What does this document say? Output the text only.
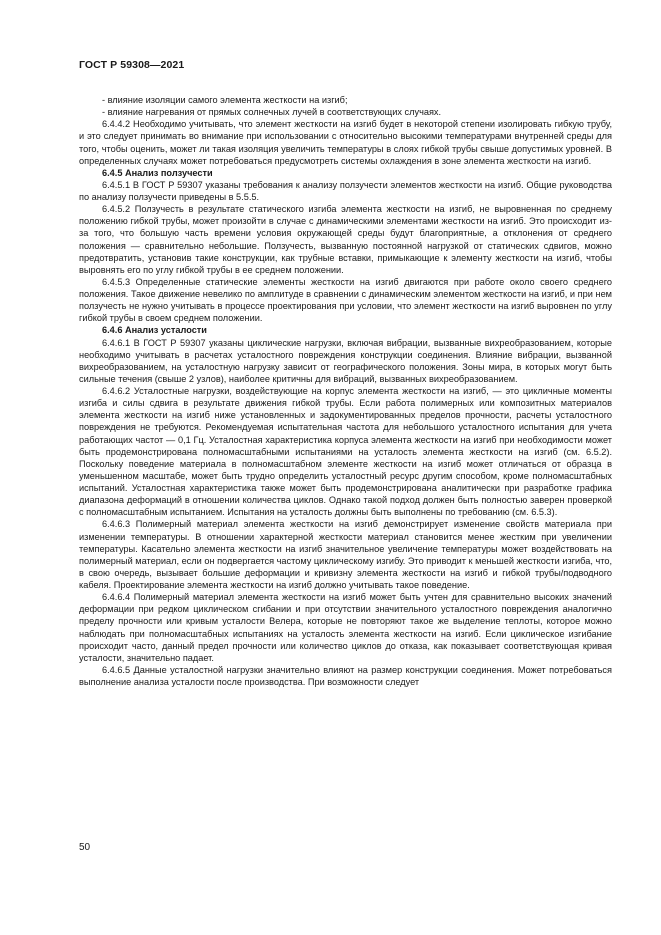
ГОСТ Р 59308—2021

- влияние изоляции самого элемента жесткости на изгиб;

- влияние нагревания от прямых солнечных лучей в соответствующих случаях.

6.4.4.2 Необходимо учитывать, что элемент жесткости на изгиб будет в некоторой степени изолировать гибкую трубу, и это следует принимать во внимание при использовании с относительно высокими температурами внутренней среды для того, чтобы оценить, может ли такая изоляция увеличить температуры в слоях гибкой трубы свыше допустимых уровней. В определенных случаях может потребоваться предусмотреть системы охлаждения в зоне элемента жесткости на изгиб.

6.4.5 Анализ ползучести

6.4.5.1 В ГОСТ Р 59307 указаны требования к анализу ползучести элементов жесткости на изгиб. Общие руководства по анализу ползучести приведены в 5.5.5.

6.4.5.2 Ползучесть в результате статического изгиба элемента жесткости на изгиб, не выровненная по среднему положению гибкой трубы, может произойти в случае с динамическими элементами жесткости на изгиб. Это происходит из-за того, что большую часть времени условия окружающей среды будут благоприятные, а отклонения от среднего положения — сравнительно небольшие. Ползучесть, вызванную постоянной нагрузкой от статических сдвигов, можно предотвратить, установив такие конструкции, как трубные вставки, примыкающие к элементу жесткости на изгиб, чтобы выровнять его по углу гибкой трубы в ее среднем положении.

6.4.5.3 Определенные статические элементы жесткости на изгиб двигаются при работе около своего среднего положения. Такое движение невелико по амплитуде в сравнении с динамическим элементом жесткости на изгиб, и при нем ползучесть не нужно учитывать в процессе проектирования при условии, что элемент жесткости на изгиб выровнен по углу гибкой трубы в своем среднем положении.

6.4.6 Анализ усталости

6.4.6.1 В ГОСТ Р 59307 указаны циклические нагрузки, включая вибрации, вызванные вихреобразованием, которые необходимо учитывать в расчетах усталостного повреждения конструкции соединения. Влияние вибрации, вызванной вихреобразованием, на усталостную нагрузку зависит от географического положения. Зоны мира, в которых могут быть сильные течения (свыше 2 узлов), наиболее критичны для вибраций, вызванных вихреобразованием.

6.4.6.2 Усталостные нагрузки, воздействующие на корпус элемента жесткости на изгиб, — это цикличные моменты изгиба и силы сдвига в результате движения гибкой трубы. Если работа полимерных или композитных материалов элемента жесткости на изгиб ниже установленных и задокументированных пределов прочности, расчеты усталостного повреждения не требуются. Рекомендуемая испытательная частота для небольшого усталостного испытания для учета работающих частот — 0,1 Гц. Усталостная характеристика корпуса элемента жесткости на изгиб при необходимости может быть продемонстрирована полномасштабными испытаниями на усталость элемента жесткости на изгиб (см. 6.5.2). Поскольку поведение материала в полномасштабном элементе жесткости на изгиб может отличаться от образца в уменьшенном масштабе, может быть трудно определить усталостный ресурс другим способом, кроме полномасштабных испытаний. Усталостная характеристика также может быть продемонстрирована аналитически при разработке графика диапазона деформаций в отношении количества циклов. Однако такой подход должен быть полностью заверен проверкой с полномасштабным испытанием. Испытания на усталость должны быть выполнены по требованию (см. 6.5.3).

6.4.6.3 Полимерный материал элемента жесткости на изгиб демонстрирует изменение свойств материала при изменении температуры. В отношении характерной жесткости материал становится менее жестким при увеличении температуры. Касательно элемента жесткости на изгиб значительное увеличение температуры может воздействовать на полимерный материал, если он подвергается частому циклическому изгибу. Это приводит к меньшей жесткости изгиба, что, в свою очередь, вызывает большие деформации и кривизну элемента жесткости на изгиб и гибкой трубы/подводного кабеля. Проектирование элемента жесткости на изгиб должно учитывать такое поведение.

6.4.6.4 Полимерный материал элемента жесткости на изгиб может быть учтен для сравнительно высоких значений деформации при редком циклическом сгибании и при отсутствии значительного усталостного повреждения аналогично пределу прочности или кривым усталости Велера, которые не повторяют такое же выделение теплоты, которое можно наблюдать при полномасштабных испытаниях на усталость элемента жесткости на изгиб. Если циклическое изгибание происходит часто, данный предел прочности или количество циклов до отказа, как показывает соответствующая кривая усталости, значительно падает.

6.4.6.5 Данные усталостной нагрузки значительно влияют на размер конструкции соединения. Может потребоваться выполнение анализа усталости после производства. При возможности следует

50
